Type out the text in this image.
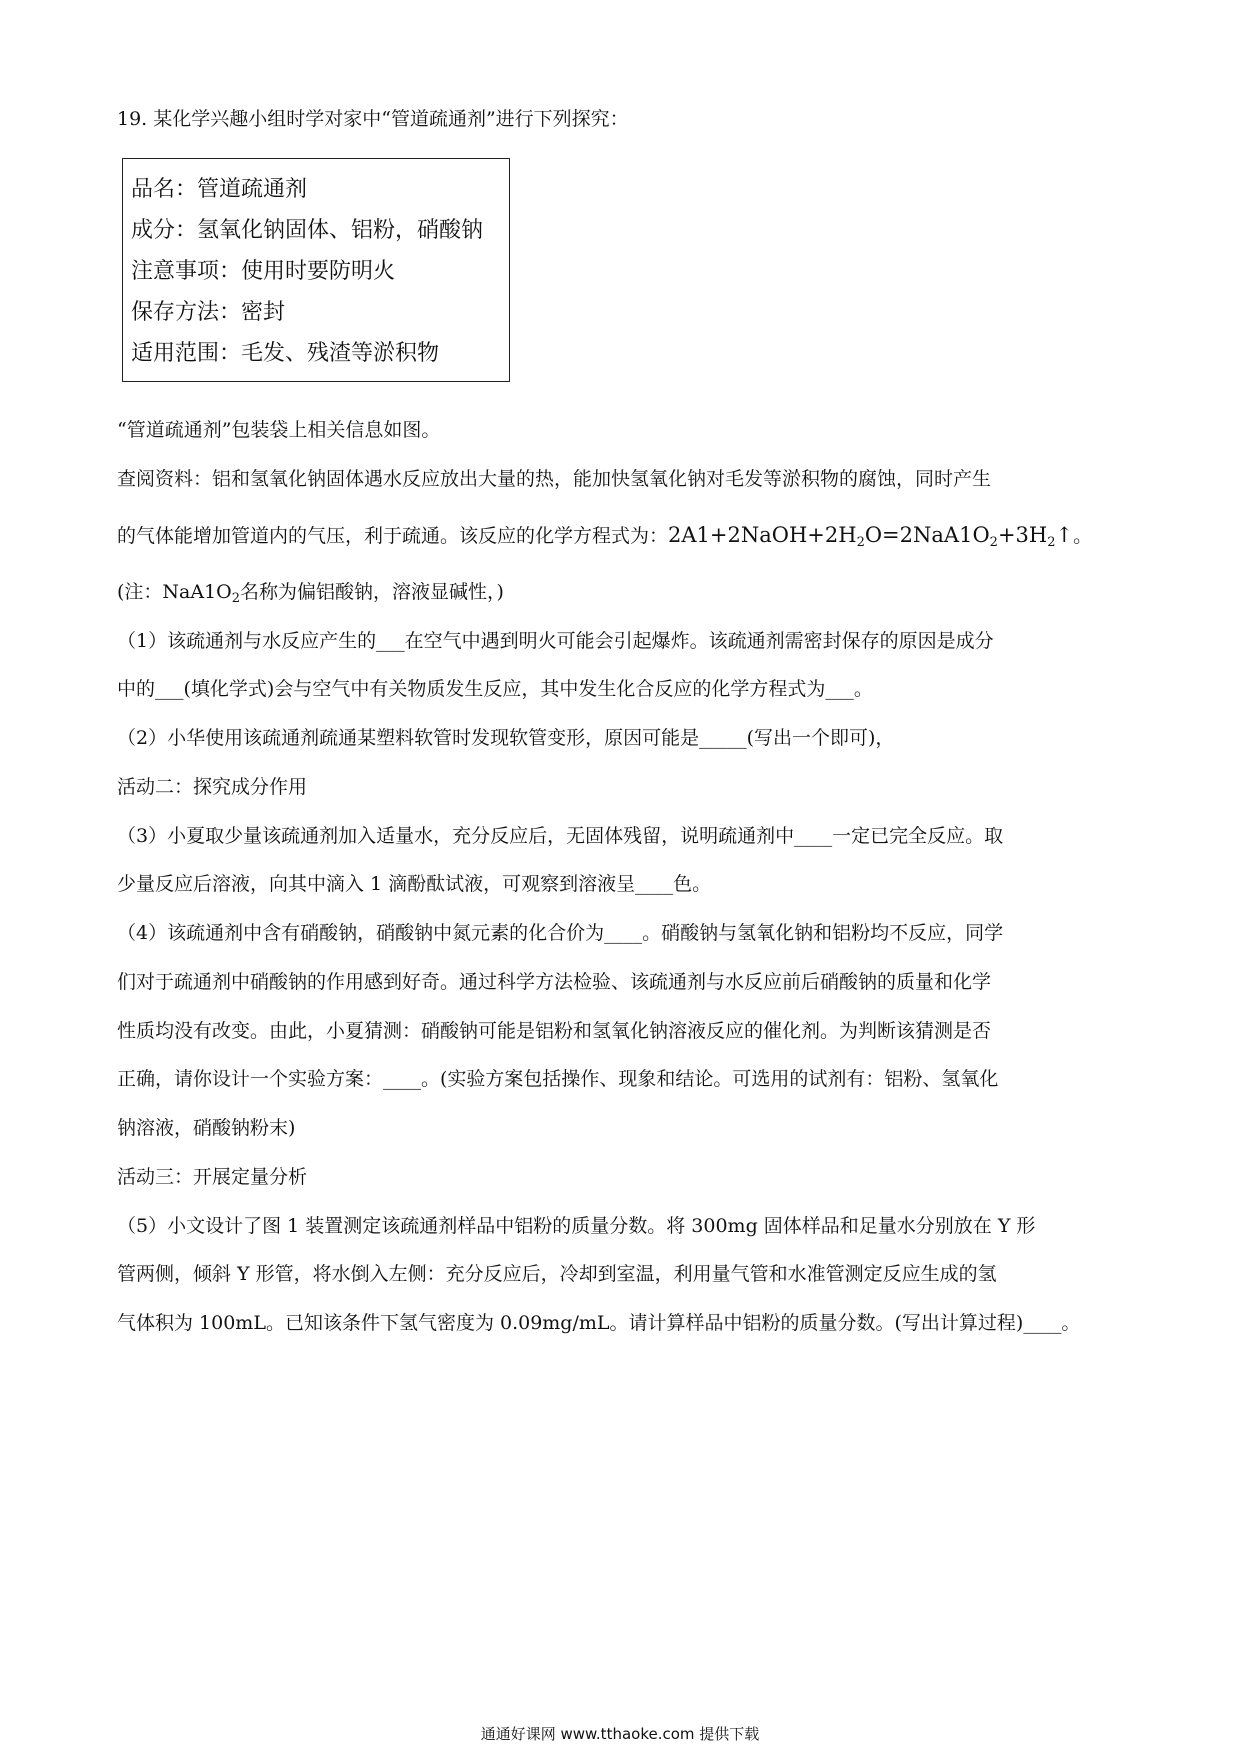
19. 某化学兴趣小组时学对家中“管道疏通剂”进行下列探究：
品名：管道疏通剂
成分：氢氧化钠固体、铝粉，硝酸钠
注意事项：使用时要防明火
保存方法：密封
适用范围：毛发、残渣等淤积物
“管道疏通剂”包装袋上相关信息如图。
查阅资料：铝和氢氧化钠固体遇水反应放出大量的热，能加快氢氧化钠对毛发等淤积物的腐蚀，同时产生
的气体能增加管道内的气压，利于疏通。该反应的化学方程式为：$2A1+2NaOH+2H_2O=2NaA1O_2+3H_2↑$。
(注：$NaA1O_2$名称为偏铝酸钠，溶液显碱性，)
（1）该疏通剂与水反应产生的___在空气中遇到明火可能会引起爆炸。该疏通剂需密封保存的原因是成分
中的___(填化学式)会与空气中有关物质发生反应，其中发生化合反应的化学方程式为___。
（2）小华使用该疏通剂疏通某塑料软管时发现软管变形，原因可能是_____(写出一个即可)，
活动二：探究成分作用
（3）小夏取少量该疏通剂加入适量水，充分反应后，无固体残留，说明疏通剂中____一定已完全反应。取
少量反应后溶液，向其中滴入 1 滴酚酞试液，可观察到溶液呈____色。
（4）该疏通剂中含有硝酸钠，硝酸钠中氮元素的化合价为____。硝酸钠与氢氧化钠和铝粉均不反应，同学
们对于疏通剂中硝酸钠的作用感到好奇。通过科学方法检验、该疏通剂与水反应前后硝酸钠的质量和化学
性质均没有改变。由此，小夏猜测：硝酸钠可能是铝粉和氢氧化钠溶液反应的催化剂。为判断该猜测是否
正确，请你设计一个实验方案：____。(实验方案包括操作、现象和结论。可选用的试剂有：铝粉、氢氧化
钠溶液，硝酸钠粉末)
活动三：开展定量分析
（5）小文设计了图 1 装置测定该疏通剂样品中铝粉的质量分数。将 300mg 固体样品和足量水分别放在 Y 形
管两侧，倾斜 Y 形管，将水倒入左侧：充分反应后，冷却到室温，利用量气管和水准管测定反应生成的氢
气体积为 100mL。已知该条件下氢气密度为 0.09mg/mL。请计算样品中铝粉的质量分数。(写出计算过程)____。
通通好课网 www.tthaoke.com 提供下载
